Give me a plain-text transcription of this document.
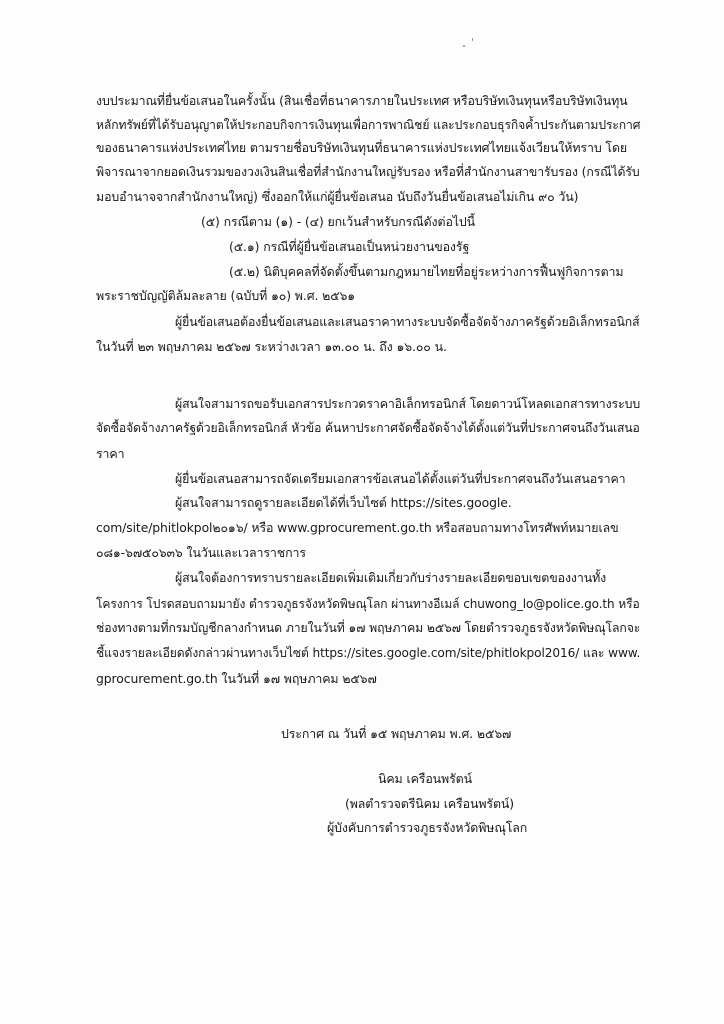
งบประมาณที่ยื่นข้อเสนอในครั้งนั้น (สินเชื่อที่ธนาคารภายในประเทศ หรือบริษัทเงินทุนหรือบริษัทเงินทุน
หลักทรัพย์ที่ได้รับอนุญาตให้ประกอบกิจการเงินทุนเพื่อการพาณิชย์ และประกอบธุรกิจค้ำประกันตามประกาศ
ของธนาคารแห่งประเทศไทย ตามรายชื่อบริษัทเงินทุนที่ธนาคารแห่งประเทศไทยแจ้งเวียนให้ทราบ โดย
พิจารณาจากยอดเงินรวมของวงเงินสินเชื่อที่สำนักงานใหญ่รับรอง หรือที่สำนักงานสาขารับรอง (กรณีได้รับ
มอบอำนาจจากสำนักงานใหญ่) ซึ่งออกให้แก่ผู้ยื่นข้อเสนอ นับถึงวันยื่นข้อเสนอไม่เกิน ๙๐ วัน)
(๕) กรณีตาม (๑) - (๔) ยกเว้นสำหรับกรณีดังต่อไปนี้
(๕.๑) กรณีที่ผู้ยื่นข้อเสนอเป็นหน่วยงานของรัฐ
(๕.๒) นิติบุคคลที่จัดตั้งขึ้นตามกฎหมายไทยที่อยู่ระหว่างการฟื้นฟูกิจการตาม
พระราชบัญญัติล้มละลาย (ฉบับที่ ๑๐) พ.ศ. ๒๕๖๑
ผู้ยื่นข้อเสนอต้องยื่นข้อเสนอและเสนอราคาทางระบบจัดซื้อจัดจ้างภาครัฐด้วยอิเล็กทรอนิกส์
ในวันที่ ๒๓ พฤษภาคม ๒๕๖๗ ระหว่างเวลา ๑๓.๐๐ น. ถึง ๑๖.๐๐ น.
ผู้สนใจสามารถขอรับเอกสารประกวดราคาอิเล็กทรอนิกส์ โดยดาวน์โหลดเอกสารทางระบบ
จัดซื้อจัดจ้างภาครัฐด้วยอิเล็กทรอนิกส์ หัวข้อ ค้นหาประกาศจัดซื้อจัดจ้างได้ตั้งแต่วันที่ประกาศจนถึงวันเสนอ
ราคา
ผู้ยื่นข้อเสนอสามารถจัดเตรียมเอกสารข้อเสนอได้ตั้งแต่วันที่ประกาศจนถึงวันเสนอราคา
ผู้สนใจสามารถดูรายละเอียดได้ที่เว็บไซต์ https://sites.google.
com/site/phitlokpol๒๐๑๖/ หรือ www.gprocurement.go.th หรือสอบถามทางโทรศัพท์หมายเลข
๐๘๑-๖๗๕๐๖๓๖ ในวันและเวลาราชการ
ผู้สนใจต้องการทราบรายละเอียดเพิ่มเติมเกี่ยวกับร่างรายละเอียดขอบเขตของงานทั้ง
โครงการ โปรดสอบถามมายัง ตำรวจภูธรจังหวัดพิษณุโลก ผ่านทางอีเมล์ chuwong_lo@police.go.th หรือ
ช่องทางตามที่กรมบัญชีกลางกำหนด ภายในวันที่ ๑๗ พฤษภาคม ๒๕๖๗ โดยตำรวจภูธรจังหวัดพิษณุโลกจะ
ชี้แจงรายละเอียดดังกล่าวผ่านทางเว็บไซต์ https://sites.google.com/site/phitlokpol2016/ และ www.
gprocurement.go.th ในวันที่ ๑๗ พฤษภาคม ๒๕๖๗
ประกาศ ณ วันที่ ๑๕ พฤษภาคม พ.ศ. ๒๕๖๗
นิคม เครือนพรัตน์
(พลตำรวจตรีนิคม เครือนพรัตน์)
ผู้บังคับการตำรวจภูธรจังหวัดพิษณุโลก
